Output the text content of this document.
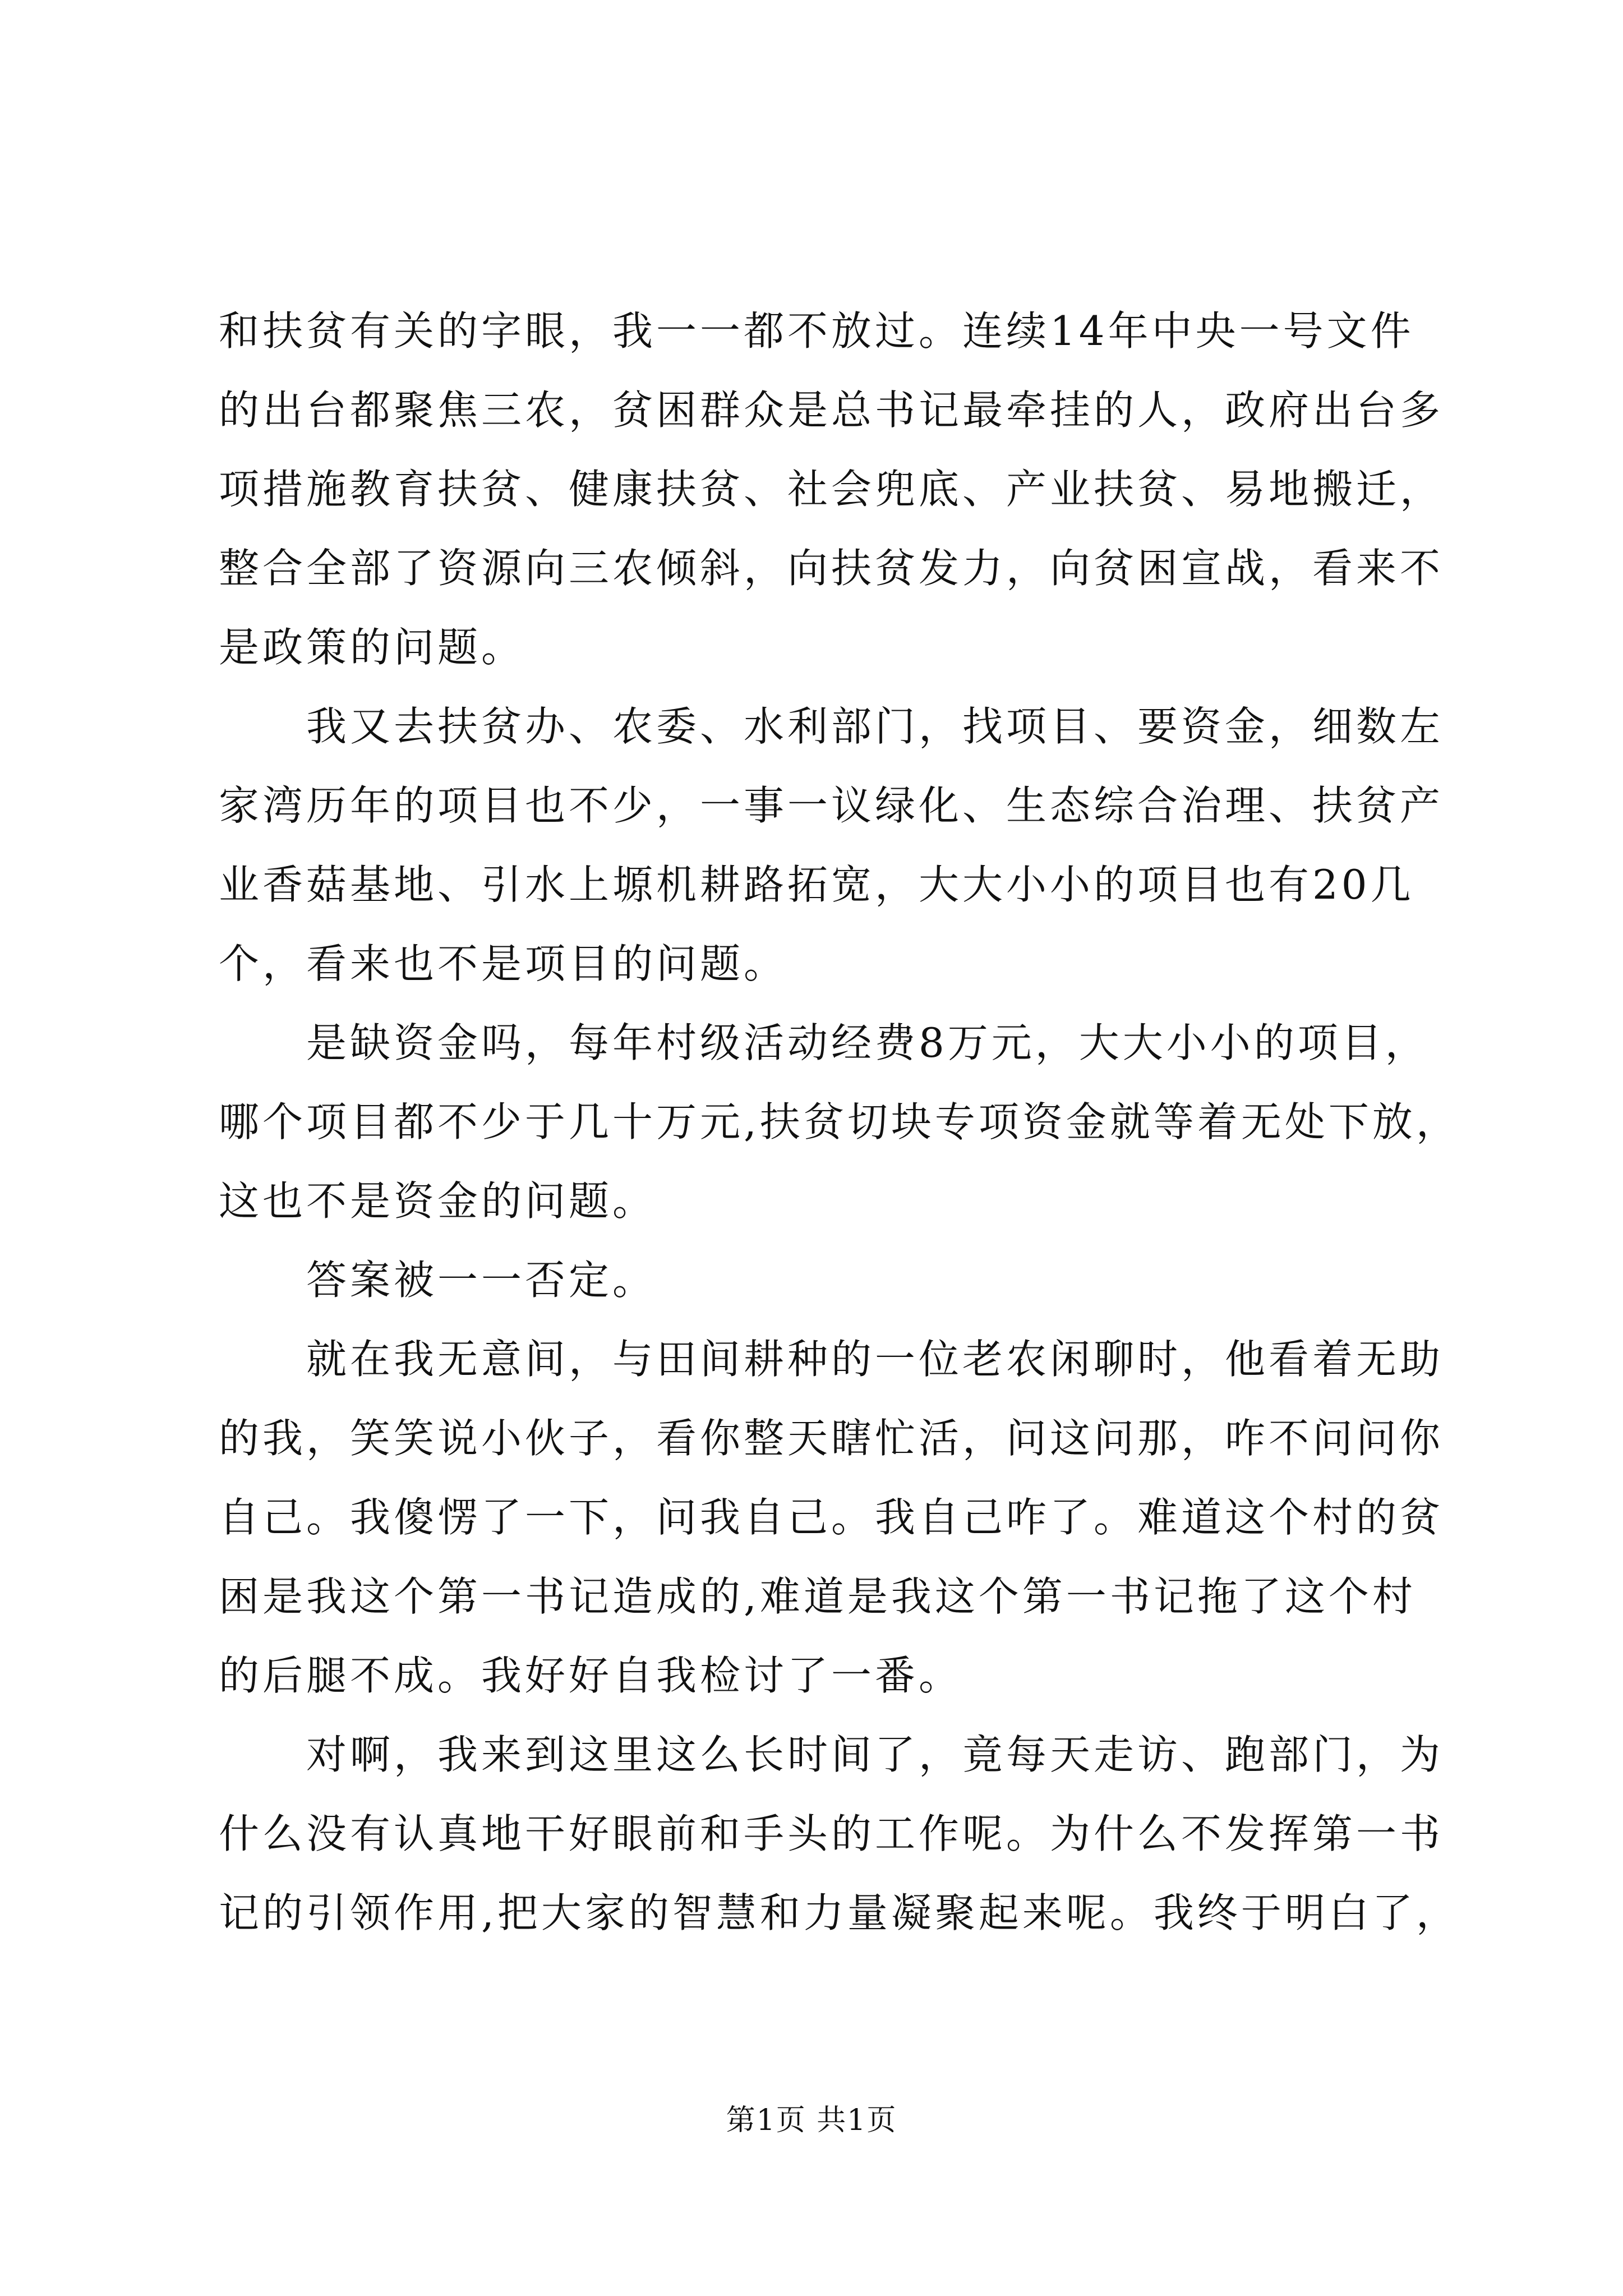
和扶贫有关的字眼，我一一都不放过。连续14年中央一号文件
的出台都聚焦三农，贫困群众是总书记最牵挂的人，政府出台多
项措施教育扶贫、健康扶贫、社会兜底、产业扶贫、易地搬迁，
整合全部了资源向三农倾斜，向扶贫发力，向贫困宣战，看来不
是政策的问题。
　　我又去扶贫办、农委、水利部门，找项目、要资金，细数左
家湾历年的项目也不少，一事一议绿化、生态综合治理、扶贫产
业香菇基地、引水上塬机耕路拓宽，大大小小的项目也有20几
个，看来也不是项目的问题。
　　是缺资金吗，每年村级活动经费8万元，大大小小的项目，
哪个项目都不少于几十万元,扶贫切块专项资金就等着无处下放，
这也不是资金的问题。
　　答案被一一否定。
　　就在我无意间，与田间耕种的一位老农闲聊时，他看着无助
的我，笑笑说小伙子，看你整天瞎忙活，问这问那，咋不问问你
自己。我傻愣了一下，问我自己。我自己咋了。难道这个村的贫
困是我这个第一书记造成的,难道是我这个第一书记拖了这个村
的后腿不成。我好好自我检讨了一番。
　　对啊，我来到这里这么长时间了，竟每天走访、跑部门，为
什么没有认真地干好眼前和手头的工作呢。为什么不发挥第一书
记的引领作用,把大家的智慧和力量凝聚起来呢。我终于明白了，
第1页 共1页
